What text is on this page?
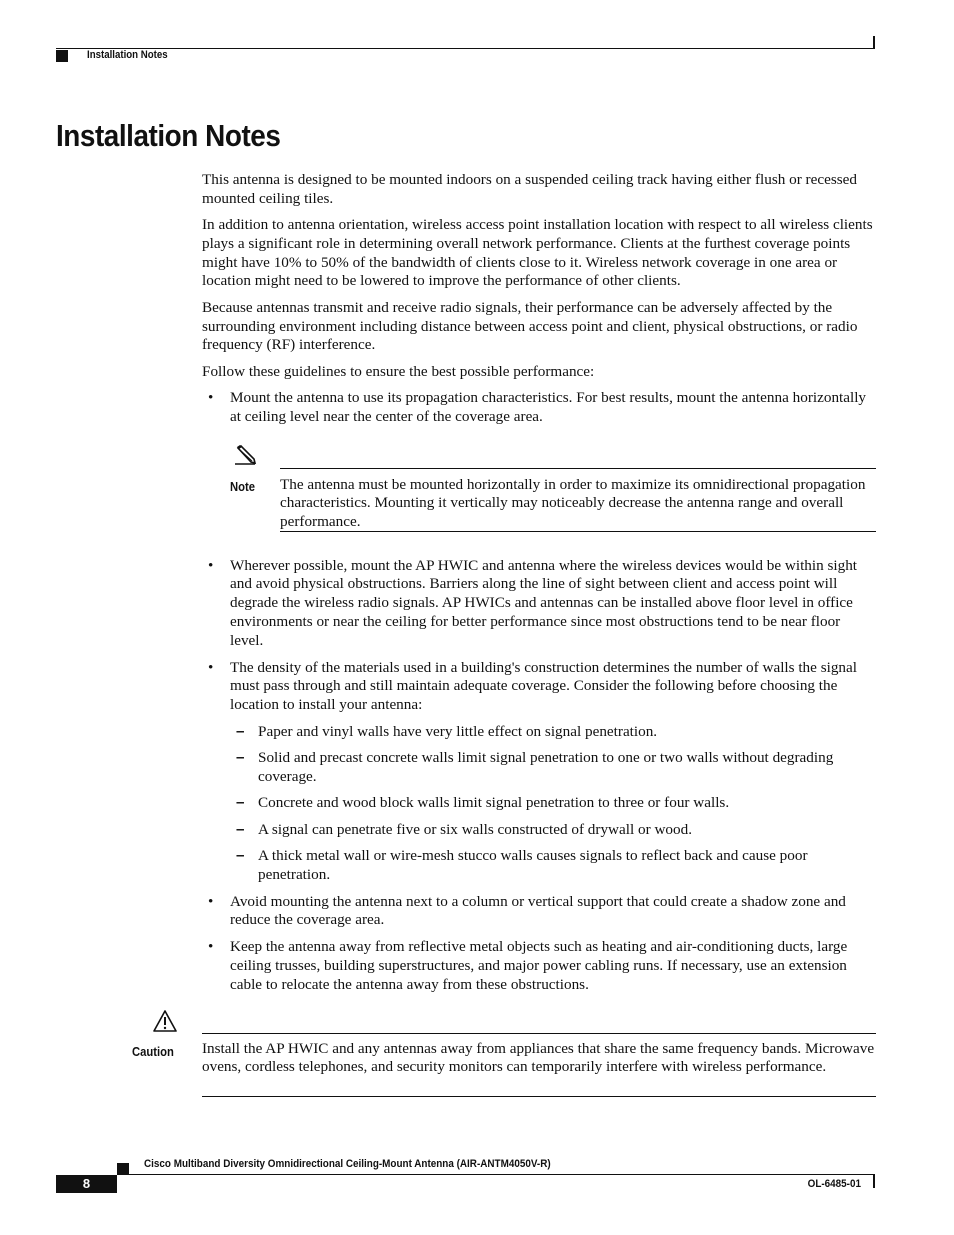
Installation Notes
Installation Notes

This antenna is designed to be mounted indoors on a suspended ceiling track having either flush or recessed mounted ceiling tiles.

In addition to antenna orientation, wireless access point installation location with respect to all wireless clients plays a significant role in determining overall network performance. Clients at the furthest coverage points might have 10% to 50% of the bandwidth of clients close to it. Wireless network coverage in one area or location might need to be lowered to improve the performance of other clients.

Because antennas transmit and receive radio signals, their performance can be adversely affected by the surrounding environment including distance between access point and client, physical obstructions, or radio frequency (RF) interference.

Follow these guidelines to ensure the best possible performance:

• Mount the antenna to use its propagation characteristics. For best results, mount the antenna horizontally at ceiling level near the center of the coverage area.
Note The antenna must be mounted horizontally in order to maximize its omnidirectional propagation characteristics. Mounting it vertically may noticeably decrease the antenna range and overall performance.
• Wherever possible, mount the AP HWIC and antenna where the wireless devices would be within sight and avoid physical obstructions. Barriers along the line of sight between client and access point will degrade the wireless radio signals. AP HWICs and antennas can be installed above floor level in office environments or near the ceiling for better performance since most obstructions tend to be near floor level.
• The density of the materials used in a building's construction determines the number of walls the signal must pass through and still maintain adequate coverage. Consider the following before choosing the location to install your antenna:
– Paper and vinyl walls have very little effect on signal penetration.
– Solid and precast concrete walls limit signal penetration to one or two walls without degrading coverage.
– Concrete and wood block walls limit signal penetration to three or four walls.
– A signal can penetrate five or six walls constructed of drywall or wood.
– A thick metal wall or wire-mesh stucco walls causes signals to reflect back and cause poor penetration.
• Avoid mounting the antenna next to a column or vertical support that could create a shadow zone and reduce the coverage area.
• Keep the antenna away from reflective metal objects such as heating and air-conditioning ducts, large ceiling trusses, building superstructures, and major power cabling runs. If necessary, use an extension cable to relocate the antenna away from these obstructions.
Caution Install the AP HWIC and any antennas away from appliances that share the same frequency bands. Microwave ovens, cordless telephones, and security monitors can temporarily interfere with wireless performance.
Cisco Multiband Diversity Omnidirectional Ceiling-Mount Antenna (AIR-ANTM4050V-R)
8	OL-6485-01
